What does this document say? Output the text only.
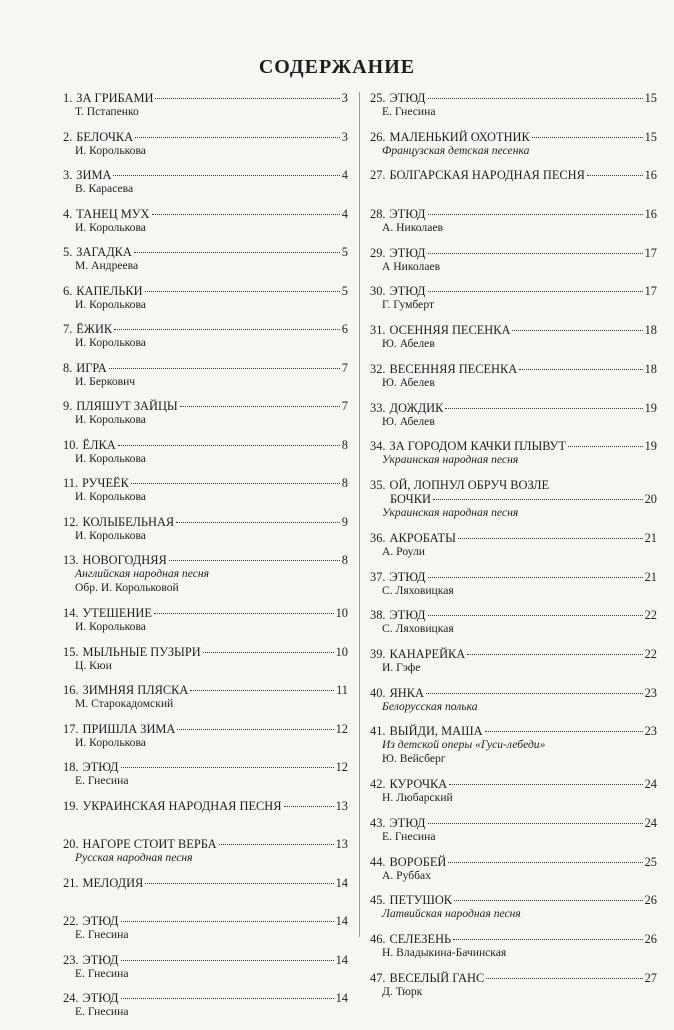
СОДЕРЖАНИЕ
1. ЗА ГРИБАМИ	3
Т. Пстапенко
2. БЕЛОЧКА	3
И. Королькова
3. ЗИМА	4
В. Карасева
4. ТАНЕЦ МУХ	4
И. Королькова
5. ЗАГАДКА	5
М. Андреева
6. КАПЕЛЬКИ	5
И. Королькова
7. ЁЖИК	6
И. Королькова
8. ИГРА	7
И. Беркович
9. ПЛЯШУТ ЗАЙЦЫ	7
И. Королькова
10. ЁЛКА	8
И. Королькова
11. РУЧЕЁК	8
И. Королькова
12. КОЛЫБЕЛЬНАЯ	9
И. Королькова
13. НОВОГОДНЯЯ	8
Английская народная песня
Обр. И. Корольковой
14. УТЕШЕНИЕ	10
И. Королькова
15. МЫЛЬНЫЕ ПУЗЫРИ	10
Ц. Кюи
16. ЗИМНЯЯ ПЛЯСКА	11
М. Старокадомский
17. ПРИШЛА ЗИМА	12
И. Королькова
18. ЭТЮД	12
Е. Гнесина
19. УКРАИНСКАЯ НАРОДНАЯ ПЕСНЯ	13
20. НАГОРЕ СТОИТ ВЕРБА	13
Русская народная песня
21. МЕЛОДИЯ	14
22. ЭТЮД	14
Е. Гнесина
23. ЭТЮД	14
Е. Гнесина
24. ЭТЮД	14
Е. Гнесина
25. ЭТЮД	15
Е. Гнесина
26. МАЛЕНЬКИЙ ОХОТНИК	15
Французская детская песенка
27. БОЛГАРСКАЯ НАРОДНАЯ ПЕСНЯ	16
28. ЭТЮД	16
А. Николаев
29. ЭТЮД	17
А Николаев
30. ЭТЮД	17
Г. Гумберт
31. ОСЕННЯЯ ПЕСЕНКА	18
Ю. Абелев
32. ВЕСЕННЯЯ ПЕСЕНКА	18
Ю. Абелев
33. ДОЖДИК	19
Ю. Абелев
34. ЗА ГОРОДОМ КАЧКИ ПЛЫВУТ	19
Украинская народная песня
35. ОЙ, ЛОПНУЛ ОБРУЧ ВОЗЛЕ
БОЧКИ	20
Украинская народная песня
36. АКРОБАТЫ	21
А. Роули
37. ЭТЮД	21
С. Ляховицкая
38. ЭТЮД	22
С. Ляховицкая
39. КАНАРЕЙКА	22
И. Гэфе
40. ЯНКА	23
Белорусская полька
41. ВЫЙДИ, МАША	23
Из детской оперы «Гуси-лебеди»
Ю. Вейсберг
42. КУРОЧКА	24
Н. Любарский
43. ЭТЮД	24
Е. Гнесина
44. ВОРОБЕЙ	25
А. Руббах
45. ПЕТУШОК	26
Латвийская народная песня
46. СЕЛЕЗЕНЬ	26
Н. Владыкина-Бачинская
47. ВЕСЕЛЫЙ ГАНС	27
Д. Тюрк
